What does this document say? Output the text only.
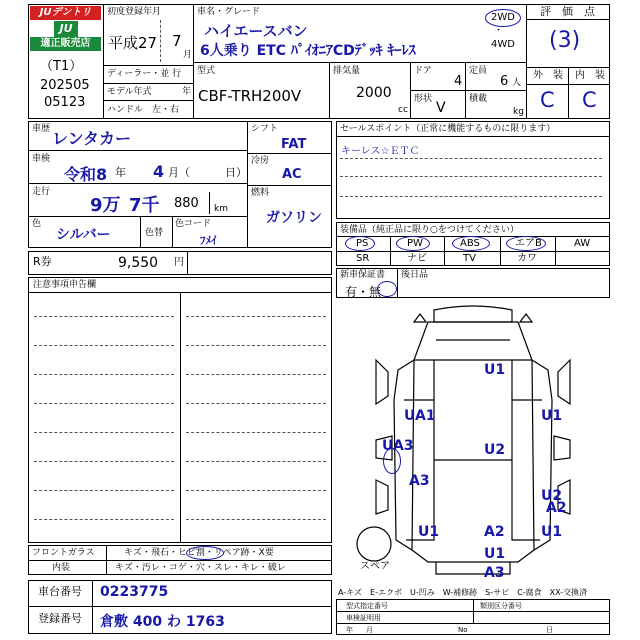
JUデントリ
JU
適正販売店
（T1）
202505
05123
初度登録年月
平成27 7
月
ディーラー・並 行
モデル年式	年
ハンドル　左・右
車名・グレード
ハイエースバン
6人乗り ETC ﾊﾟｲｵﾆｱCDﾃﾞｯｷ ｷｰﾚｽ
2WD
・
4WD
型式
CBF-TRH200V
排気量
2000
cc
ドア
4
定員
6 人
形状
V
積載
kg
評　価　点
(3)
外　装 内　装
C C
車歴 レンタカー
車検
令和8 年 4 月（	日）
走行
9万 7千 880 km
色
シルバー	色替
色コード
ﾌﾒｲ
シフト
FAT
冷房
AC
燃料
ガソリン
R券	9,550 円
注意事項申告欄
セールスポイント（正常に機能するものに限ります）
キーレス☆ＥＴＣ
装備品（純正品に限り○をつけてください）
PS	PW	ABS	エアB	AW
SR	ナビ	TV	カワ
新車保証書
有・無
後日品
U1
UA1	U1
UA3	U2
A3
U2
A2
U1
A2
U1
U1
A3
スペア
フロントガラス	キズ・飛石・ヒビ割・リペア跡・X要
内装	キズ・汚レ・コゲ・穴・スレ・キレ・破レ
車台番号 0223775
登録番号 倉敷 400 わ 1763
A-キズ　E-エクボ　U-凹み　W-補修跡　S-サビ　C-腐食　XX-交換済
型式指定番号	類別区分番号
車検証明用
No
年 月	日
